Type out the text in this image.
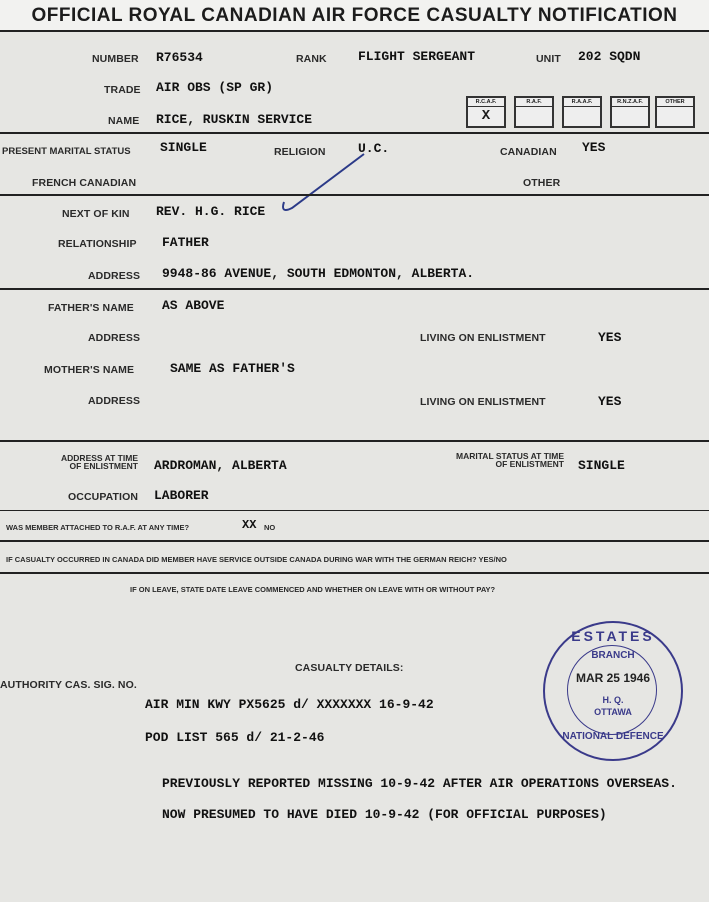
OFFICIAL ROYAL CANADIAN AIR FORCE CASUALTY NOTIFICATION
NUMBER R76534	RANK FLIGHT SERGEANT	UNIT 202 SQDN
TRADE AIR OBS (SP GR)
NAME RICE, RUSKIN SERVICE
R.C.A.F.
X
R.A.F.	R.A.A.F.	R.N.Z.A.F.	OTHER
PRESENT MARITAL STATUS SINGLE	RELIGION U.C.	CANADIAN YES
FRENCH CANADIAN	OTHER
NEXT OF KIN REV. H.G. RICE
RELATIONSHIP FATHER
ADDRESS 9948-86 AVENUE, SOUTH EDMONTON, ALBERTA.
FATHER'S NAME AS ABOVE
ADDRESS	LIVING ON ENLISTMENT	YES
MOTHER'S NAME	SAME AS FATHER'S
ADDRESS	LIVING ON ENLISTMENT	YES
ADDRESS AT TIME
OF ENLISTMENT ARDROMAN, ALBERTA
MARITAL STATUS AT TIME
OF ENLISTMENT SINGLE
OCCUPATION LABORER
WAS MEMBER ATTACHED TO R.A.F. AT ANY TIME?	XX NO
IF CASUALTY OCCURRED IN CANADA DID MEMBER HAVE SERVICE OUTSIDE CANADA DURING WAR WITH THE GERMAN REICH? YES/NO
IF ON LEAVE, STATE DATE LEAVE COMMENCED AND WHETHER ON LEAVE WITH OR WITHOUT PAY?
CASUALTY DETAILS:
AUTHORITY CAS. SIG. NO.
AIR MIN KWY PX5625 d/ XXXXXXX 16-9-42
POD LIST 565 d/ 21-2-46
PREVIOUSLY REPORTED MISSING 10-9-42 AFTER AIR OPERATIONS OVERSEAS.
NOW PRESUMED TO HAVE DIED 10-9-42 (FOR OFFICIAL PURPOSES)
ESTATES
BRANCH
MAR 25 1946
H. Q.
OTTAWA
NATIONAL DEFENCE
